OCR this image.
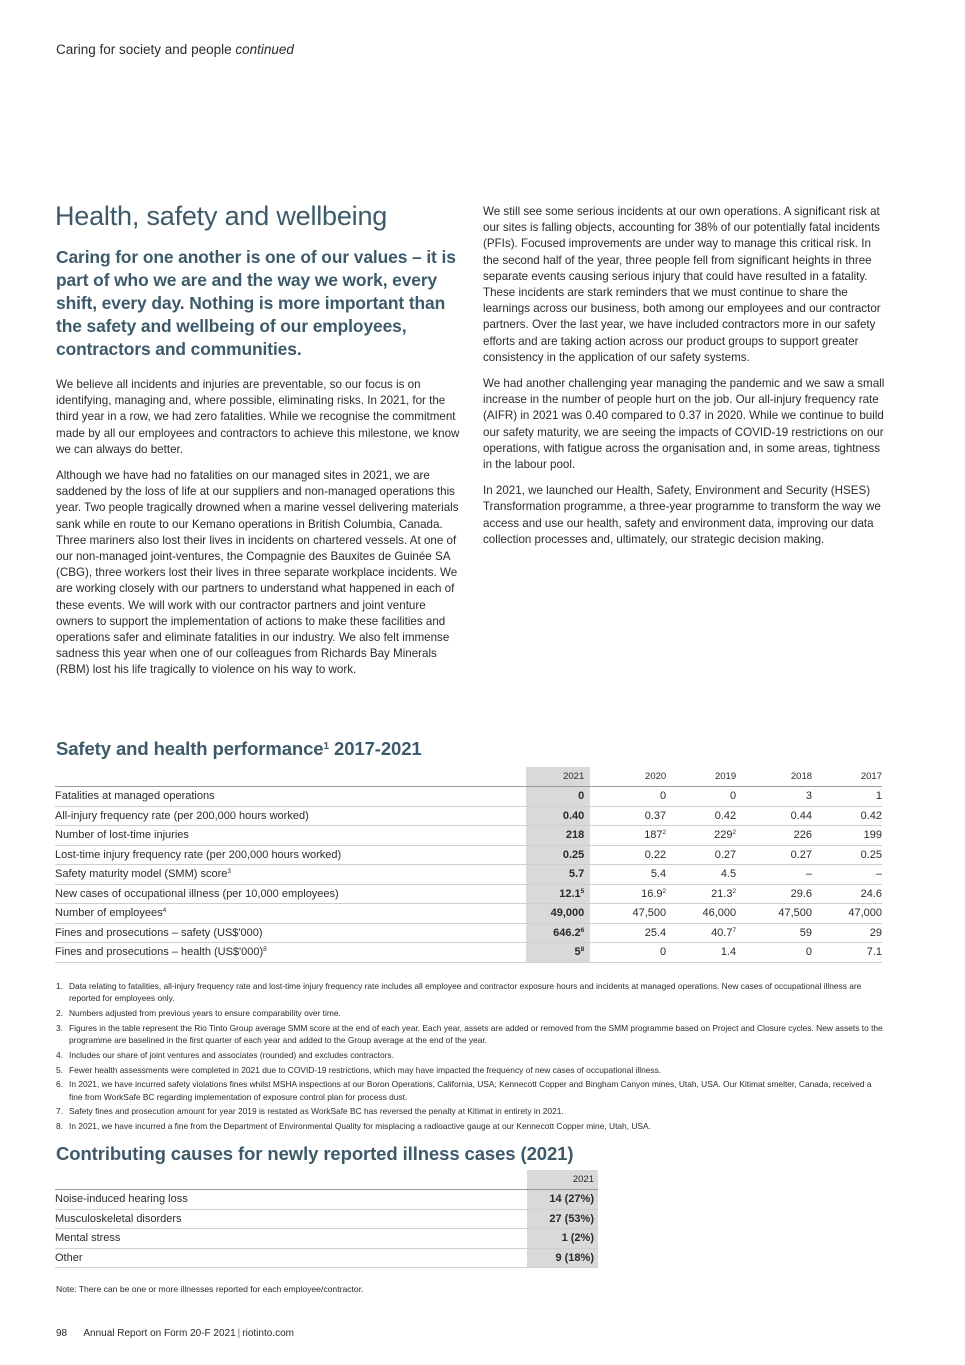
Caring for society and people continued
Health, safety and wellbeing
Caring for one another is one of our values – it is part of who we are and the way we work, every shift, every day. Nothing is more important than the safety and wellbeing of our employees, contractors and communities.

We believe all incidents and injuries are preventable, so our focus is on identifying, managing and, where possible, eliminating risks. In 2021, for the third year in a row, we had zero fatalities. While we recognise the commitment made by all our employees and contractors to achieve this milestone, we know we can always do better.

Although we have had no fatalities on our managed sites in 2021, we are saddened by the loss of life at our suppliers and non-managed operations this year. Two people tragically drowned when a marine vessel delivering materials sank while en route to our Kemano operations in British Columbia, Canada. Three mariners also lost their lives in incidents on chartered vessels. At one of our non-managed joint-ventures, the Compagnie des Bauxites de Guinée SA (CBG), three workers lost their lives in three separate workplace incidents. We are working closely with our partners to understand what happened in each of these events. We will work with our contractor partners and joint venture owners to support the implementation of actions to make these facilities and operations safer and eliminate fatalities in our industry. We also felt immense sadness this year when one of our colleagues from Richards Bay Minerals (RBM) lost his life tragically to violence on his way to work.

We still see some serious incidents at our own operations. A significant risk at our sites is falling objects, accounting for 38% of our potentially fatal incidents (PFIs). Focused improvements are under way to manage this critical risk. In the second half of the year, three people fell from significant heights in three separate events causing serious injury that could have resulted in a fatality. These incidents are stark reminders that we must continue to share the learnings across our business, both among our employees and our contractor partners. Over the last year, we have included contractors more in our safety efforts and are taking action across our product groups to support greater consistency in the application of our safety systems.

We had another challenging year managing the pandemic and we saw a small increase in the number of people hurt on the job. Our all-injury frequency rate (AIFR) in 2021 was 0.40 compared to 0.37 in 2020. While we continue to build our safety maturity, we are seeing the impacts of COVID-19 restrictions on our operations, with fatigue across the organisation and, in some areas, tightness in the labour pool.

In 2021, we launched our Health, Safety, Environment and Security (HSES) Transformation programme, a three-year programme to transform the way we access and use our health, safety and environment data, improving our data collection processes and, ultimately, our strategic decision making.

Safety and health performance$^1$ 2017-2021
	2021	2020	2019	2018	2017
Fatalities at managed operations	0	0	0	3	1
All-injury frequency rate (per 200,000 hours worked)	0.40	0.37	0.42	0.44	0.42
Number of lost-time injuries	218	$187^2$	$229^2$	226	199
Lost-time injury frequency rate (per 200,000 hours worked)	0.25	0.22	0.27	0.27	0.25
Safety maturity model (SMM) score$^3$	5.7	5.4	4.5	–	–
New cases of occupational illness (per 10,000 employees)	12.1$^5$	16.9$^2$	21.3$^2$	29.6	24.6
Number of employees$^4$	49,000	47,500	46,000	47,500	47,000
Fines and prosecutions – safety (US$'000)	646.2$^6$	25.4	40.7$^7$	59	29
Fines and prosecutions – health (US$'000)$^8$	$5^8$	0	1.4	0	7.1
1. Data relating to fatalities, all-injury frequency rate and lost-time injury frequency rate includes all employee and contractor exposure hours and incidents at managed operations. New cases of occupational illness are reported for employees only.
2. Numbers adjusted from previous years to ensure comparability over time.
3. Figures in the table represent the Rio Tinto Group average SMM score at the end of each year. Each year, assets are added or removed from the SMM programme based on Project and Closure cycles. New assets to the programme are baselined in the first quarter of each year and added to the Group average at the end of the year.
4. Includes our share of joint ventures and associates (rounded) and excludes contractors.
5. Fewer health assessments were completed in 2021 due to COVID-19 restrictions, which may have impacted the frequency of new cases of occupational illness.
6. In 2021, we have incurred safety violations fines whilst MSHA inspections at our Boron Operations, California, USA; Kennecott Copper and Bingham Canyon mines, Utah, USA. Our Kitimat smelter, Canada, received a fine from WorkSafe BC regarding implementation of exposure control plan for process dust.
7. Safety fines and prosecution amount for year 2019 is restated as WorkSafe BC has reversed the penalty at Kitimat in entirety in 2021.
8. In 2021, we have incurred a fine from the Department of Environmental Quality for misplacing a radioactive gauge at our Kennecott Copper mine, Utah, USA.
Contributing causes for newly reported illness cases (2021)
	2021
Noise-induced hearing loss	14 (27%)
Musculoskeletal disorders	27 (53%)
Mental stress	1 (2%)
Other	9 (18%)
Note: There can be one or more illnesses reported for each employee/contractor.
98 Annual Report on Form 20-F 2021 | riotinto.com
